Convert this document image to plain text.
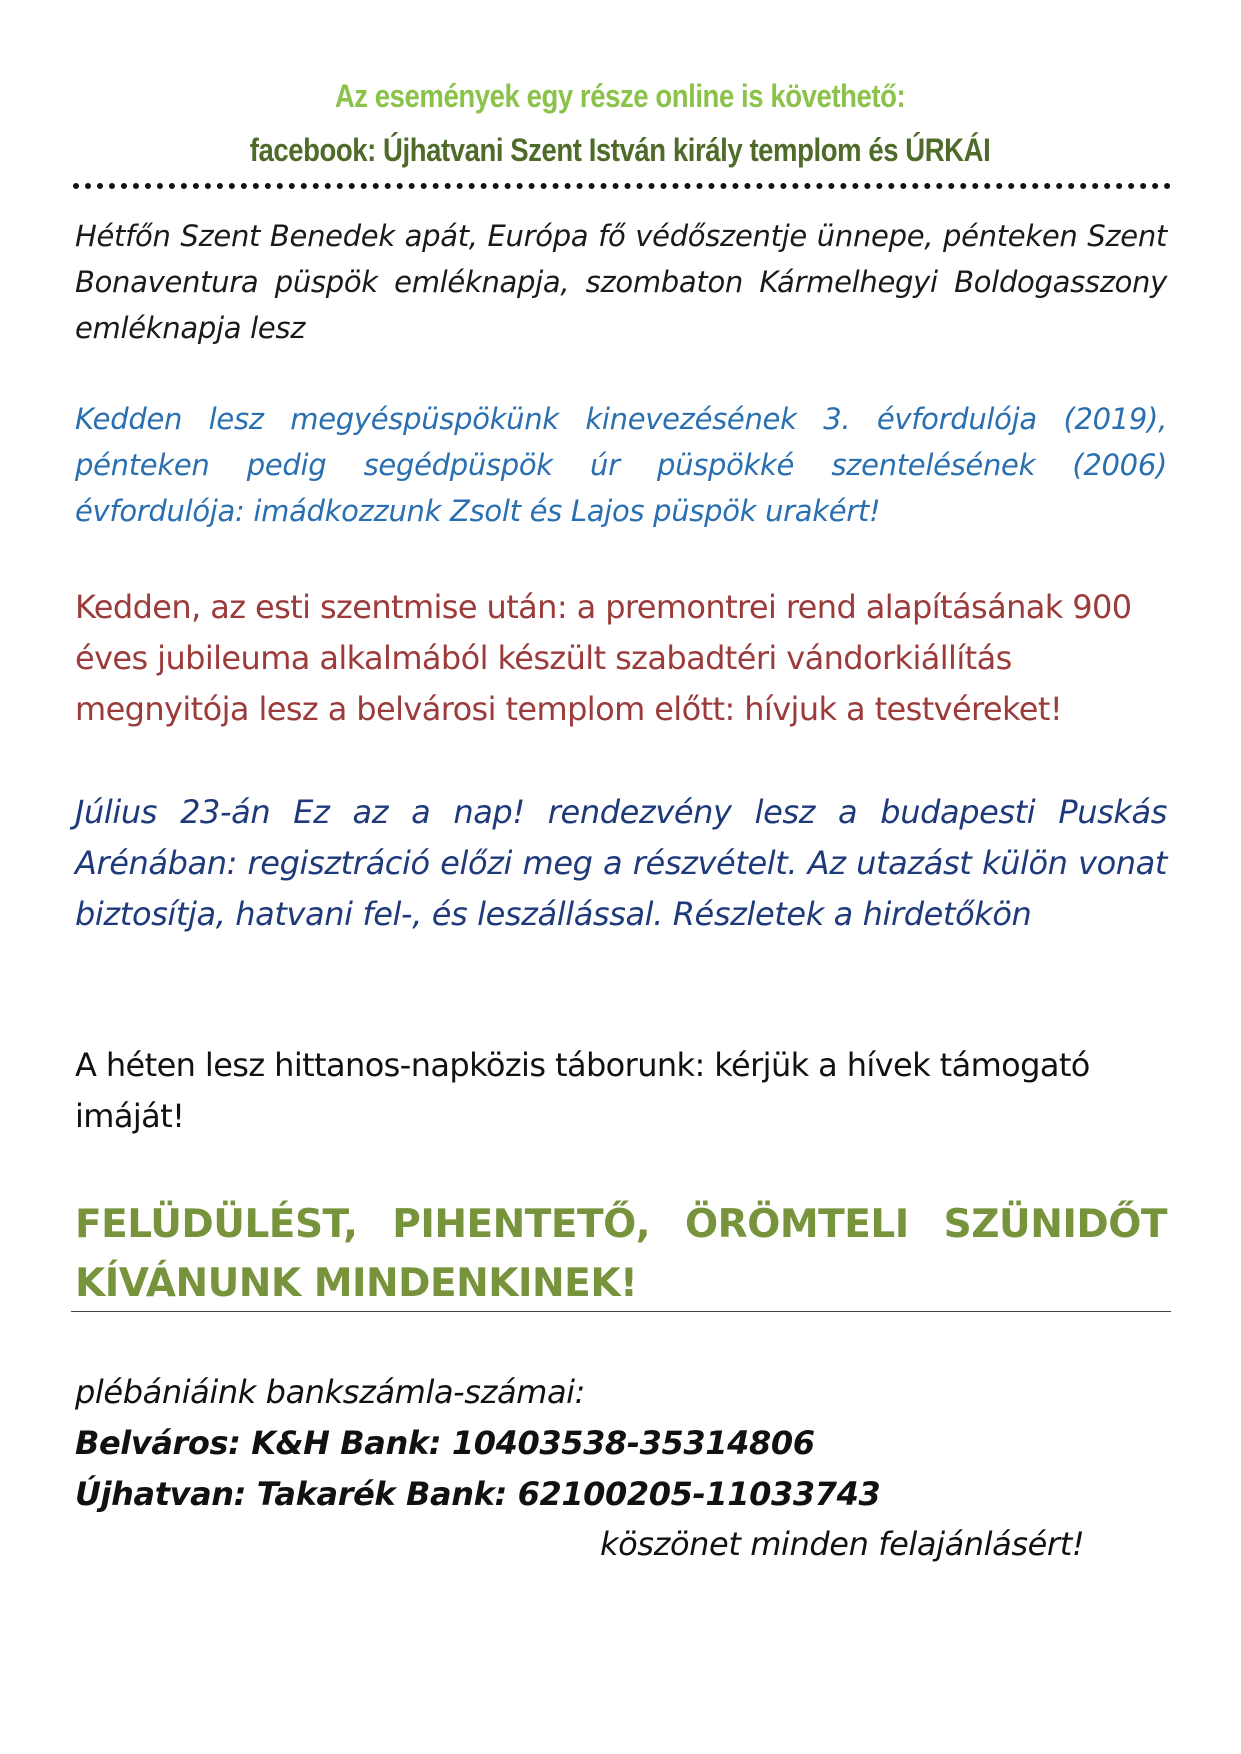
Az események egy része online is követhető:
facebook: Újhatvani Szent István király templom és ÚRKÁI

Hétfőn Szent Benedek apát, Európa fő védőszentje ünnepe, pénteken Szent Bonaventura püspök emléknapja, szombaton Kármelhegyi Boldogasszony emléknapja lesz

Kedden lesz megyéspüspökünk kinevezésének 3. évfordulója (2019), pénteken pedig segédpüspök úr püspökké szentelésének (2006) évfordulója: imádkozzunk Zsolt és Lajos püspök urakért!

Kedden, az esti szentmise után: a premontrei rend alapításának 900 éves jubileuma alkalmából készült szabadtéri vándorkiállítás megnyitója lesz a belvárosi templom előtt: hívjuk a testvéreket!

Július 23-án Ez az a nap! rendezvény lesz a budapesti Puskás Arénában: regisztráció előzi meg a részvételt. Az utazást külön vonat biztosítja, hatvani fel-, és leszállással. Részletek a hirdetőkön

A héten lesz hittanos-napközis táborunk: kérjük a hívek támogató imáját!

FELÜDÜLÉST, PIHENTETŐ, ÖRÖMTELI SZÜNIDŐT KÍVÁNUNK MINDENKINEK!

plébániáink bankszámla-számai:
Belváros: K&H Bank: 10403538-35314806
Újhatvan: Takarék Bank: 62100205-11033743
köszönet minden felajánlásért!
